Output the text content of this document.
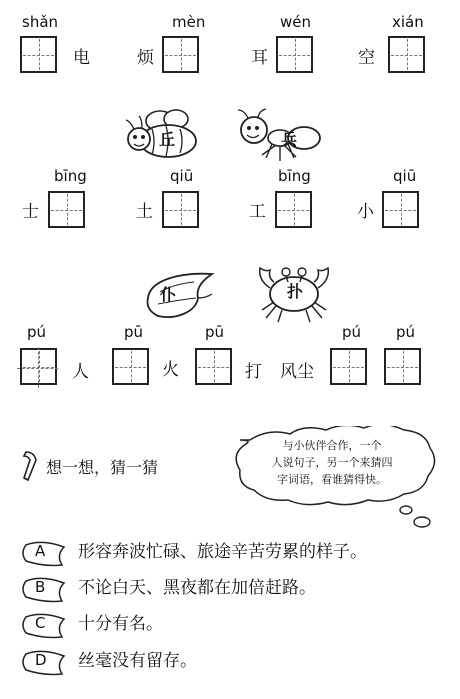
shǎn
电
mèn
烦
wén
耳
xián
空
丘	兵
bīng
士
qiū
土
bīng
工
qiū
小
仆	扑
pú
人
pū
火
pū
打 风尘
pú pú
想一想，猜一猜
与小伙伴合作，一个
人说句子，另一个来猜四
字词语，看谁猜得快。
A 形容奔波忙碌、旅途辛苦劳累的样子。
B 不论白天、黑夜都在加倍赶路。
C 十分有名。
D 丝毫没有留存。
